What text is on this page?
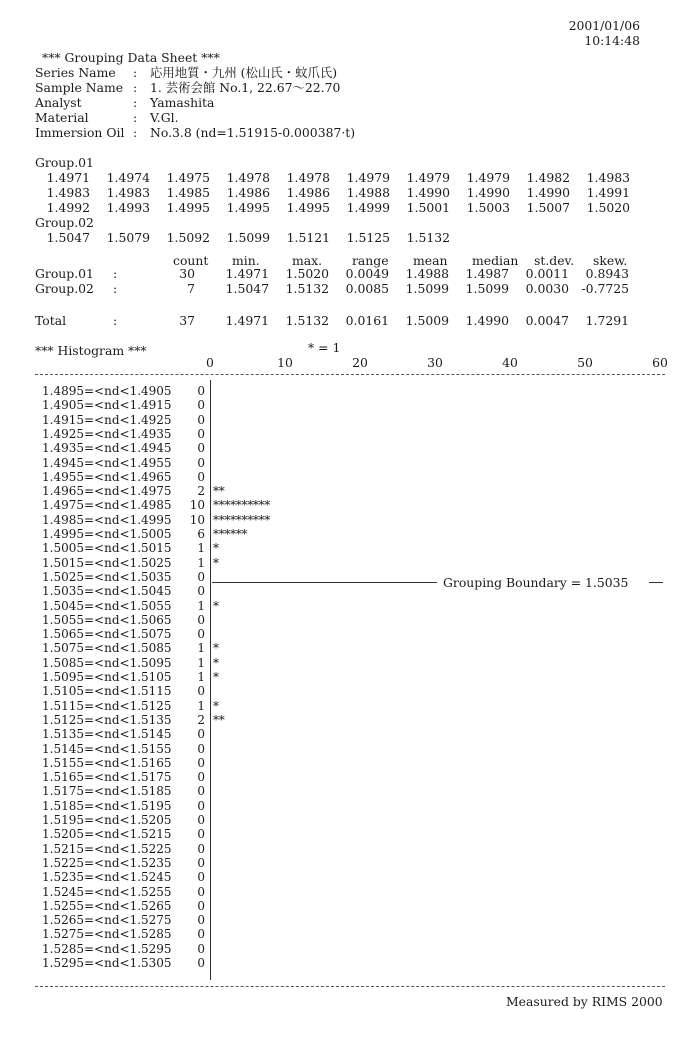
2001/01/06
10:14:48
*** Grouping Data Sheet ***
Series Name : 応用地質・九州 (松山氏・蚊爪氏)
Sample Name : 1. 芸術会館 No.1, 22.67～22.70
Analyst	: Yamashita
Material	: V.Gl.
Immersion Oil : No.3.8 (nd=1.51915-0.000387·t)
Group.01
1.4971	1.4974	1.4975	1.4978	1.4978	1.4979	1.4979	1.4979	1.4982	1.4983
1.4983	1.4983	1.4985	1.4986	1.4986	1.4988	1.4990	1.4990	1.4990	1.4991
1.4992	1.4993	1.4995	1.4995	1.4995	1.4999	1.5001	1.5003	1.5007	1.5020
Group.02
1.5047	1.5079	1.5092	1.5099	1.5121	1.5125	1.5132
count min.	max. range mean median st.dev. skew.
Group.01 :	30	1.4971	1.5020	0.0049	1.4988	1.4987	0.0011	0.8943
Group.02 :	7	1.5047	1.5132	0.0085	1.5099	1.5099	0.0030	-0.7725
Total	:	37	1.4971	1.5132	0.0161	1.5009	1.4990	0.0047	1.7291
*** Histogram ***	* = 1
0	10	20	30	40	50	60
1.4895=<nd<1.4905	0
1.4905=<nd<1.4915	0
1.4915=<nd<1.4925	0
1.4925=<nd<1.4935	0
1.4935=<nd<1.4945	0
1.4945=<nd<1.4955	0
1.4955=<nd<1.4965	0
1.4965=<nd<1.4975	2 **
1.4975=<nd<1.4985	10 **********
1.4985=<nd<1.4995	10 **********
1.4995=<nd<1.5005	6 ******
1.5005=<nd<1.5015	1 *
1.5015=<nd<1.5025	1 *
1.5025=<nd<1.5035	0
1.5035=<nd<1.5045	0
1.5045=<nd<1.5055	1 *
1.5055=<nd<1.5065	0
1.5065=<nd<1.5075	0
1.5075=<nd<1.5085	1 *
1.5085=<nd<1.5095	1 *
1.5095=<nd<1.5105	1 *
1.5105=<nd<1.5115	0
1.5115=<nd<1.5125	1 *
1.5125=<nd<1.5135	2 **
1.5135=<nd<1.5145	0
1.5145=<nd<1.5155	0
1.5155=<nd<1.5165	0
1.5165=<nd<1.5175	0
1.5175=<nd<1.5185	0
1.5185=<nd<1.5195	0
1.5195=<nd<1.5205	0
1.5205=<nd<1.5215	0
1.5215=<nd<1.5225	0
1.5225=<nd<1.5235	0
1.5235=<nd<1.5245	0
1.5245=<nd<1.5255	0
1.5255=<nd<1.5265	0
1.5265=<nd<1.5275	0
1.5275=<nd<1.5285	0
1.5285=<nd<1.5295	0
1.5295=<nd<1.5305	0
Grouping Boundary = 1.5035
Measured by RIMS 2000
